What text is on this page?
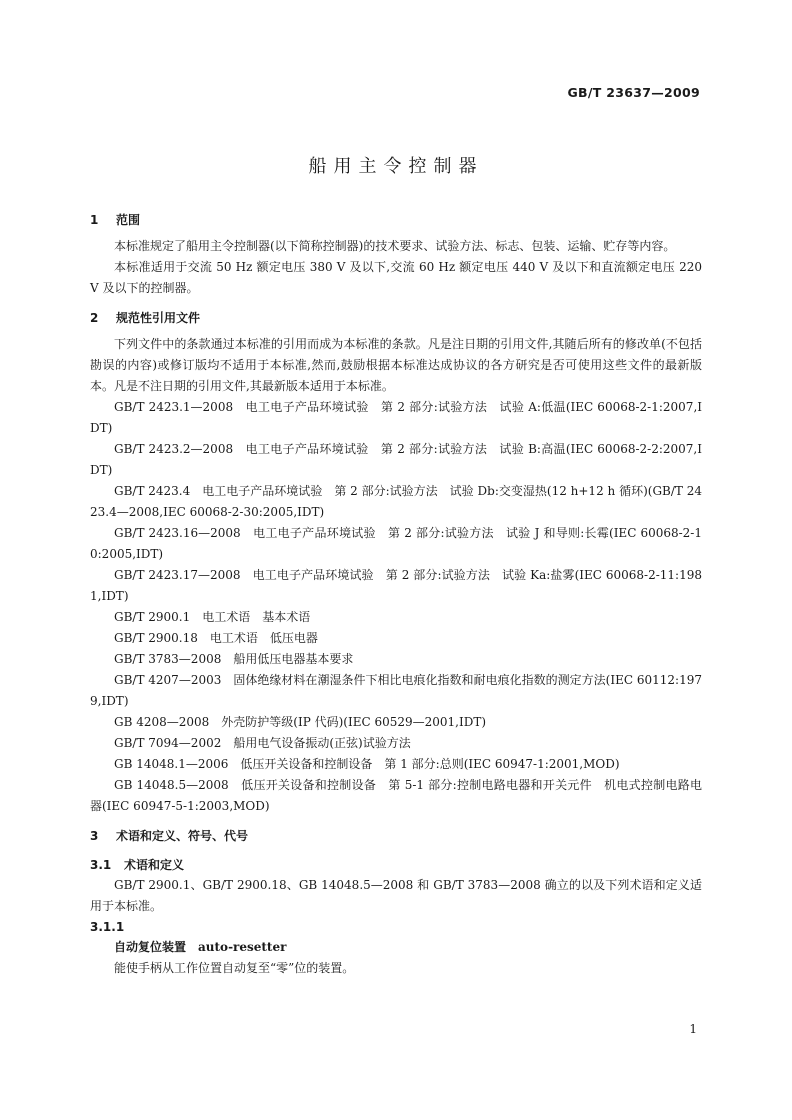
GB/T 23637—2009
船用主令控制器

1 范围

本标准规定了船用主令控制器(以下简称控制器)的技术要求、试验方法、标志、包装、运输、贮存等内容。

本标准适用于交流 50 Hz 额定电压 380 V 及以下,交流 60 Hz 额定电压 440 V 及以下和直流额定电压 220 V 及以下的控制器。

2 规范性引用文件

下列文件中的条款通过本标准的引用而成为本标准的条款。凡是注日期的引用文件,其随后所有的修改单(不包括勘误的内容)或修订版均不适用于本标准,然而,鼓励根据本标准达成协议的各方研究是否可使用这些文件的最新版本。凡是不注日期的引用文件,其最新版本适用于本标准。

GB/T 2423.1—2008　电工电子产品环境试验　第 2 部分:试验方法　试验 A:低温(IEC 60068-2-1:2007,IDT)

GB/T 2423.2—2008　电工电子产品环境试验　第 2 部分:试验方法　试验 B:高温(IEC 60068-2-2:2007,IDT)

GB/T 2423.4　电工电子产品环境试验　第 2 部分:试验方法　试验 Db:交变湿热(12 h+12 h 循环)(GB/T 2423.4—2008,IEC 60068-2-30:2005,IDT)

GB/T 2423.16—2008　电工电子产品环境试验　第 2 部分:试验方法　试验 J 和导则:长霉(IEC 60068-2-10:2005,IDT)

GB/T 2423.17—2008　电工电子产品环境试验　第 2 部分:试验方法　试验 Ka:盐雾(IEC 60068-2-11:1981,IDT)

GB/T 2900.1　电工术语　基本术语

GB/T 2900.18　电工术语　低压电器

GB/T 3783—2008　船用低压电器基本要求

GB/T 4207—2003　固体绝缘材料在潮湿条件下相比电痕化指数和耐电痕化指数的测定方法(IEC 60112:1979,IDT)

GB 4208—2008　外壳防护等级(IP 代码)(IEC 60529—2001,IDT)

GB/T 7094—2002　船用电气设备振动(正弦)试验方法

GB 14048.1—2006　低压开关设备和控制设备　第 1 部分:总则(IEC 60947-1:2001,MOD)

GB 14048.5—2008　低压开关设备和控制设备　第 5-1 部分:控制电路电器和开关元件　机电式控制电路电器(IEC 60947-5-1:2003,MOD)

3 术语和定义、符号、代号

3.1 术语和定义

GB/T 2900.1、GB/T 2900.18、GB 14048.5—2008 和 GB/T 3783—2008 确立的以及下列术语和定义适用于本标准。

3.1.1

自动复位装置 auto-resetter

能使手柄从工作位置自动复至“零”位的装置。

1
